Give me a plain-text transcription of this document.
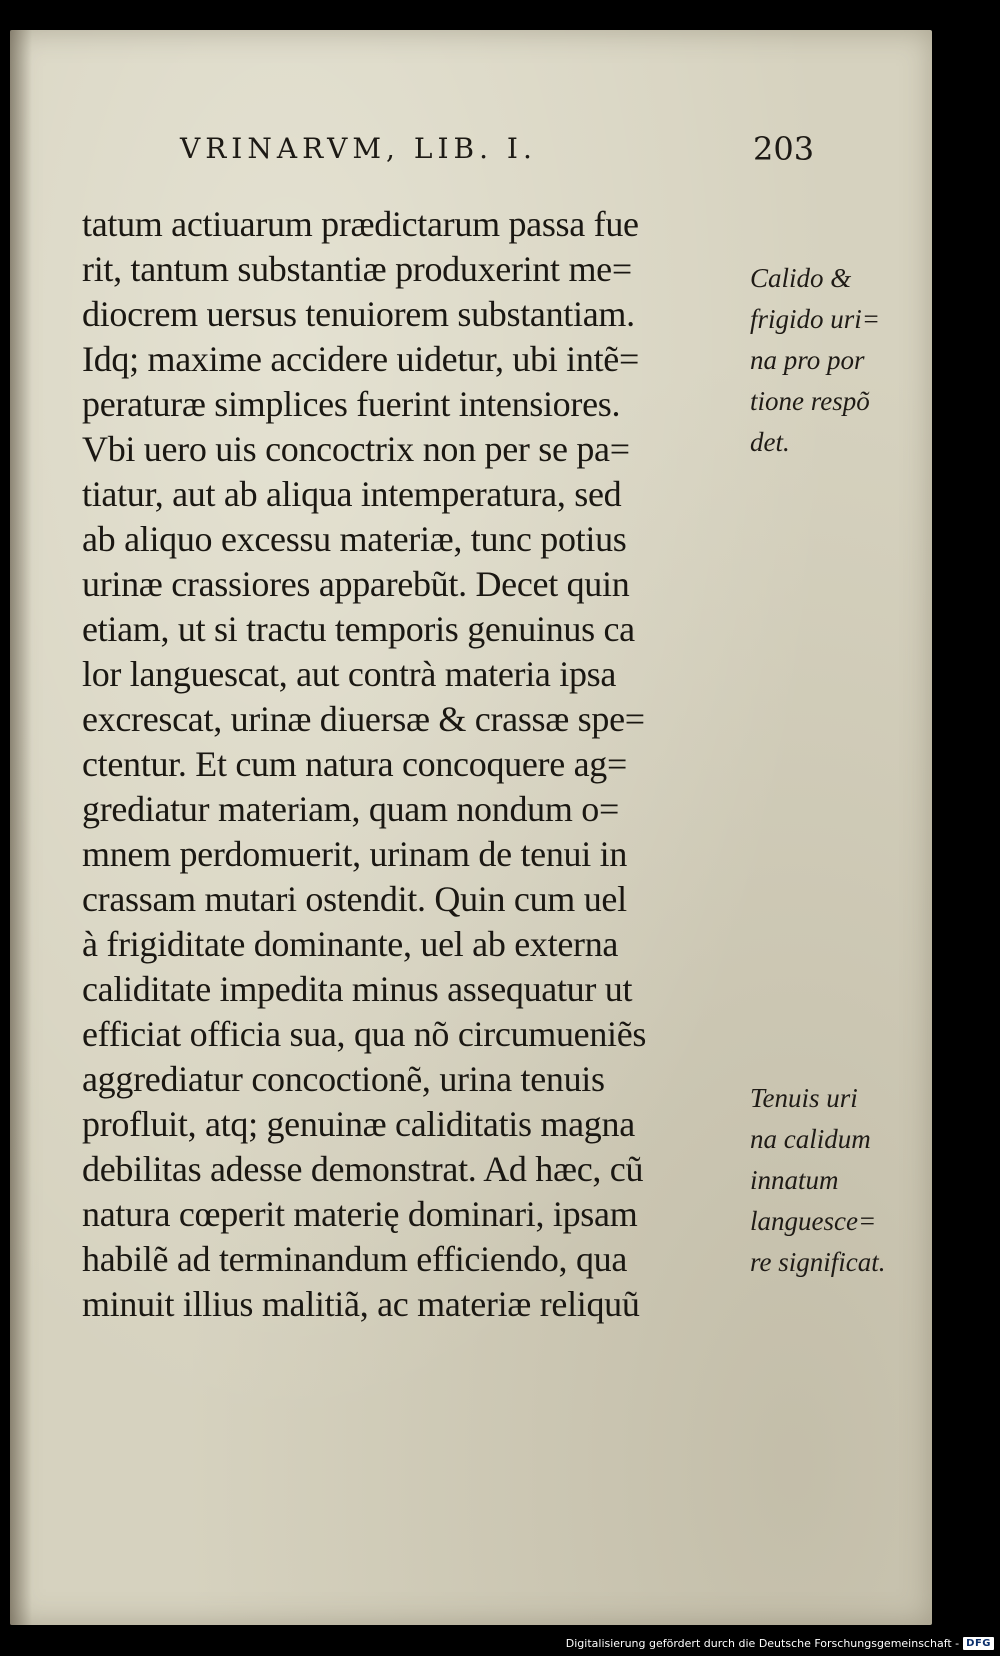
VRINARVM, LIB. I.	203
tatum actiuarum prædictarum passa fue
rit, tantum substantiæ produxerint me=
diocrem uersus tenuiorem substantiam.
Idq; maxime accidere uidetur, ubi intẽ=
peraturæ simplices fuerint intensiores.
Vbi uero uis concoctrix non per se pa=
tiatur, aut ab aliqua intemperatura, sed
ab aliquo excessu materiæ, tunc potius
urinæ crassiores apparebũt. Decet quin
etiam, ut si tractu temporis genuinus ca
lor languescat, aut contrà materia ipsa
excrescat, urinæ diuersæ & crassæ spe=
ctentur. Et cum natura concoquere ag=
grediatur materiam, quam nondum o=
mnem perdomuerit, urinam de tenui in
crassam mutari ostendit. Quin cum uel
à frigiditate dominante, uel ab externa
caliditate impedita minus assequatur ut
efficiat officia sua, qua nõ circumueniẽs
aggrediatur concoctionẽ, urina tenuis
profluit, atq; genuinæ caliditatis magna
debilitas adesse demonstrat. Ad hæc, cũ
natura cœperit materię dominari, ipsam
habilẽ ad terminandum efficiendo, qua
minuit illius malitiã, ac materiæ reliquũ
Calido &
frigido uri=
na pro por
tione respõ
det.
Tenuis uri
na calidum
innatum
languesce=
re significat.
Digitalisierung gefördert durch die Deutsche Forschungsgemeinschaft - DFG
